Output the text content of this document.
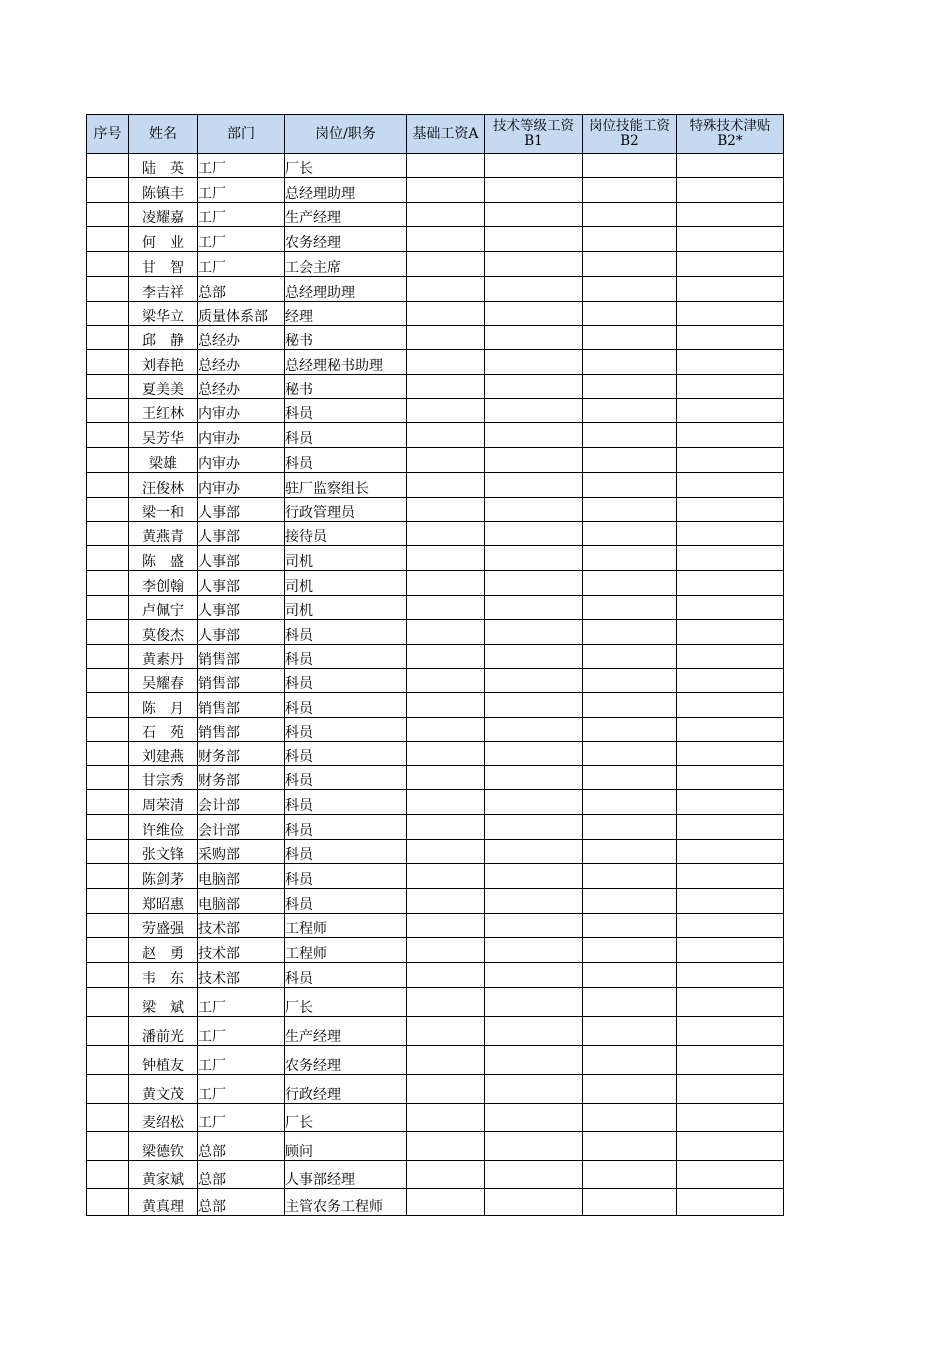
序号	姓名	部门	岗位/职务	基础工资A	技术等级工资B1	岗位技能工资B2	特殊技术津贴B2*
	陆　英	工厂	厂长				
	陈镇丰	工厂	总经理助理				
	凌耀嘉	工厂	生产经理				
	何　业	工厂	农务经理				
	甘　智	工厂	工会主席				
	李吉祥	总部	总经理助理				
	梁华立	质量体系部	经理				
	邱　静	总经办	秘书				
	刘春艳	总经办	总经理秘书助理				
	夏美美	总经办	秘书				
	王红林	内审办	科员				
	吴芳华	内审办	科员				
	梁雄	内审办	科员				
	汪俊林	内审办	驻厂监察组长				
	梁一和	人事部	行政管理员				
	黄燕青	人事部	接待员				
	陈　盛	人事部	司机				
	李创翰	人事部	司机				
	卢佩宁	人事部	司机				
	莫俊杰	人事部	科员				
	黄素丹	销售部	科员				
	吴耀春	销售部	科员				
	陈　月	销售部	科员				
	石　苑	销售部	科员				
	刘建燕	财务部	科员				
	甘宗秀	财务部	科员				
	周荣清	会计部	科员				
	许维俭	会计部	科员				
	张文锋	采购部	科员				
	陈剑茅	电脑部	科员				
	郑昭惠	电脑部	科员				
	劳盛强	技术部	工程师				
	赵　勇	技术部	工程师				
	韦　东	技术部	科员				
	梁　斌	工厂	厂长				
	潘前光	工厂	生产经理				
	钟植友	工厂	农务经理				
	黄文茂	工厂	行政经理				
	麦绍松	工厂	厂长				
	梁德钦	总部	顾问				
	黄家斌	总部	人事部经理				
	黄真理	总部	主管农务工程师				
